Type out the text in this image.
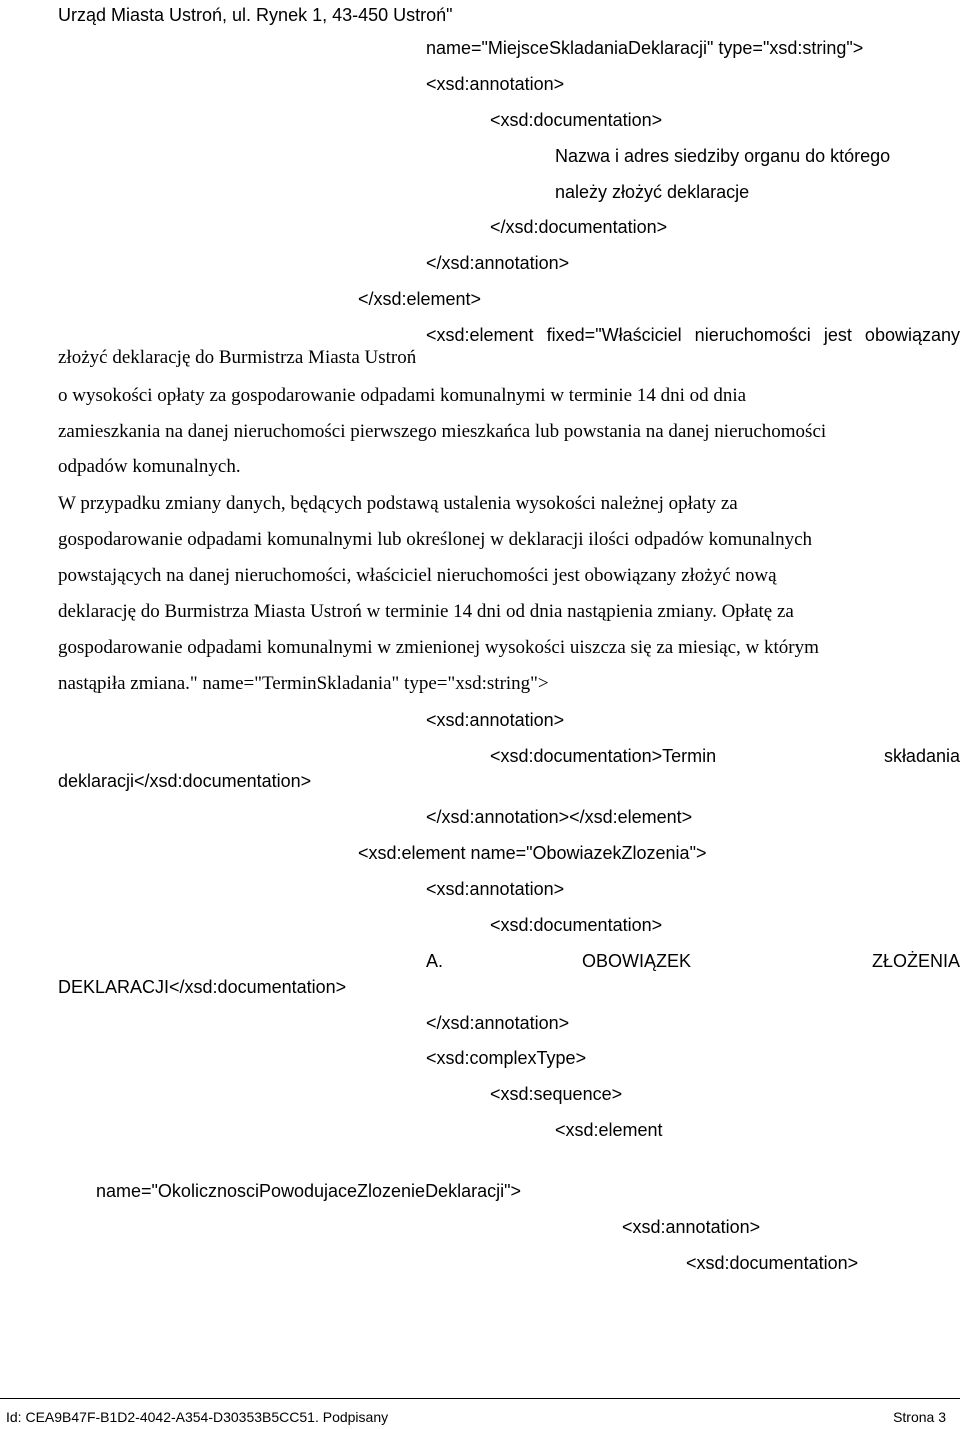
Urząd Miasta Ustroń, ul. Rynek 1, 43-450 Ustroń"
name="MiejsceSkladaniaDeklaracji" type="xsd:string">
<xsd:annotation>
<xsd:documentation>
Nazwa i adres siedziby organu do którego
należy złożyć deklaracje
</xsd:documentation>
</xsd:annotation>
</xsd:element>
<xsd:element fixed="Właściciel nieruchomości jest obowiązany
złożyć deklarację do Burmistrza Miasta Ustroń
o wysokości opłaty za gospodarowanie odpadami komunalnymi w terminie 14 dni od dnia
zamieszkania na danej nieruchomości pierwszego mieszkańca lub powstania na danej nieruchomości
odpadów komunalnych.
W przypadku zmiany danych, będących podstawą ustalenia wysokości należnej opłaty za
gospodarowanie odpadami komunalnymi lub określonej w deklaracji ilości odpadów komunalnych
powstających na danej nieruchomości, właściciel nieruchomości jest obowiązany złożyć nową
deklarację do Burmistrza Miasta Ustroń w terminie 14 dni od dnia nastąpienia zmiany. Opłatę za
gospodarowanie odpadami komunalnymi w zmienionej wysokości uiszcza się za miesiąc, w którym
nastąpiła zmiana." name="TerminSkladania" type="xsd:string">
<xsd:annotation>
<xsd:documentation>Termin	składania
deklaracji</xsd:documentation>
</xsd:annotation></xsd:element>
<xsd:element name="ObowiazekZlozenia">
<xsd:annotation>
<xsd:documentation>
A.	OBOWIĄZEK	ZŁOŻENIA
DEKLARACJI</xsd:documentation>
</xsd:annotation>
<xsd:complexType>
<xsd:sequence>
<xsd:element
name="OkolicznosciPowodujaceZlozenieDeklaracji">
<xsd:annotation>
<xsd:documentation>
Id: CEA9B47F-B1D2-4042-A354-D30353B5CC51. Podpisany	Strona 3
